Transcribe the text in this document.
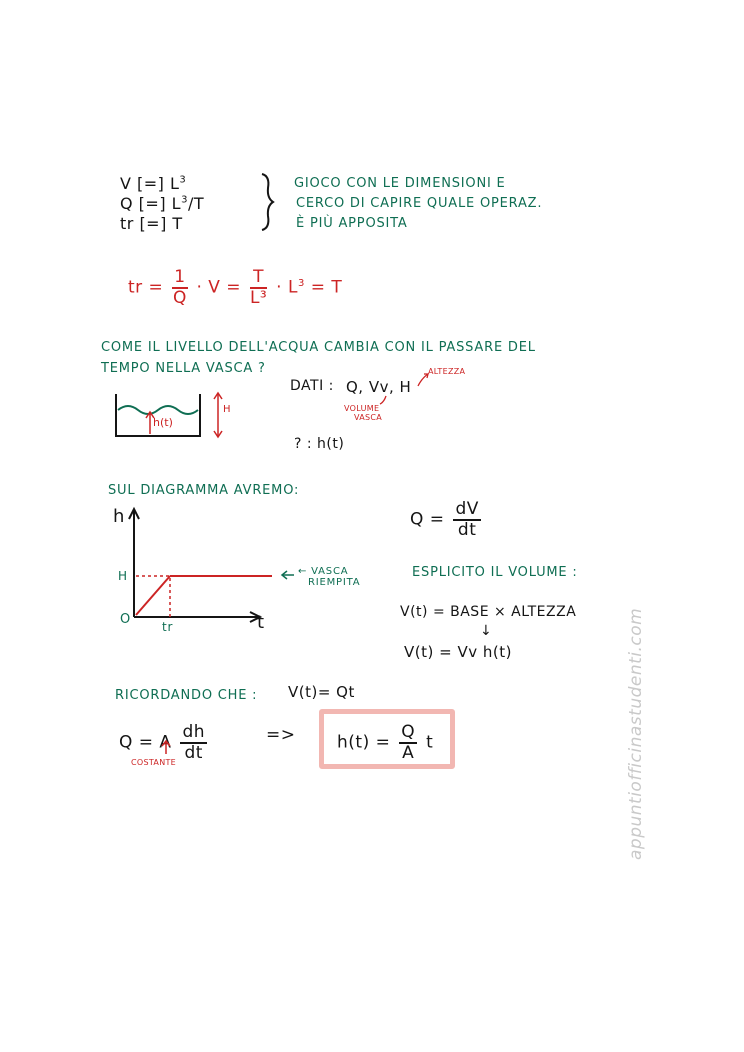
V [=] $L^3$
Q [=] $L^3/T$
tr [=] T
GIOCO CON LE DIMENSIONI E
CERCO DI CAPIRE QUALE OPERAZ.
È PIÙ APPOSITA
tr = $\frac{1}{Q} \cdot V = \frac{T}{\text{L³}} \cdot L^3 = T$
COME IL LIVELLO DELL'ACQUA CAMBIA CON IL PASSARE DEL
TEMPO NELLA VASCA ?
h(t)
H
DATI : Q, Vv, H
ALTEZZA
VOLUME
VASCA
? : h(t)
SUL DIAGRAMMA AVREMO:
h
t
H
O	tr
← VASCA
RIEMPITA
$Q = \frac{dV}{dt}$
ESPLICITO IL VOLUME :
V(t) = BASE × ALTEZZA
↓
V(t) = Vv h(t)
RICORDANDO CHE : V(t)= Qt
Q = A $\frac{dh}{dt}$
COSTANTE
=> $h(t) = \frac{Q}{A}$ t	appuntiofficinastudenti.com
